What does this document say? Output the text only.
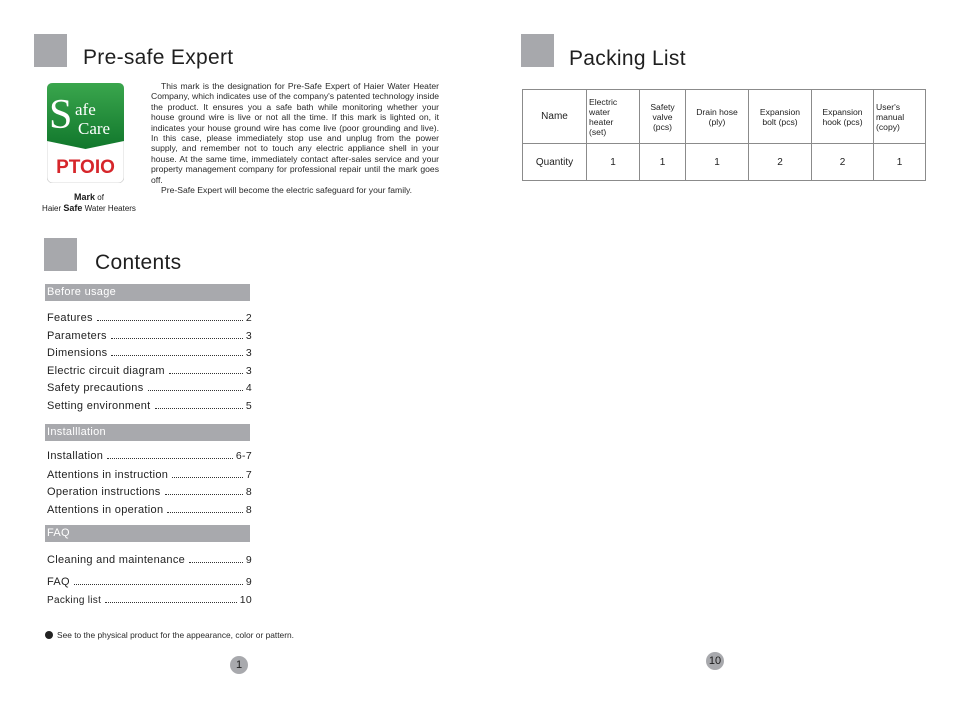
Pre-safe Expert
S afe
Care
PTOIO
Mark of
Haier Safe Water Heaters

This mark is the designation for Pre-Safe Expert of Haier Water Heater Company, which indicates use of the company's patented technology inside the product. It ensures you a safe bath while monitoring whether your house ground wire is live or not all the time. If this mark is lighted on, it indicates your house ground wire has come live (poor grounding and live). In this case, please immediately stop use and unplug from the power supply, and remember not to touch any electric appliance shell in your house. At the same time, immediately contact after-sales service and your property management company for professional repair until the mark goes off.

Pre-Safe Expert will become the electric safeguard for your family.

Contents
Before usage
Features	2
Parameters	3
Dimensions	3
Electric circuit diagram	3
Safety precautions	4
Setting environment	5
Installlation
Installation	6-7
Attentions in instruction	7
Operation instructions	8
Attentions in operation	8
FAQ
Cleaning and maintenance	9
FAQ	9
Packing list	10
See to the physical product for the appearance, color or pattern.
1
Packing List
Name	Electric water heater (set)	Safety valve (pcs)	Drain hose (ply)	Expansion bolt (pcs)	Expansion hook (pcs)	User's manual (copy)
Quantity	1	1	1	2	2	1
10
